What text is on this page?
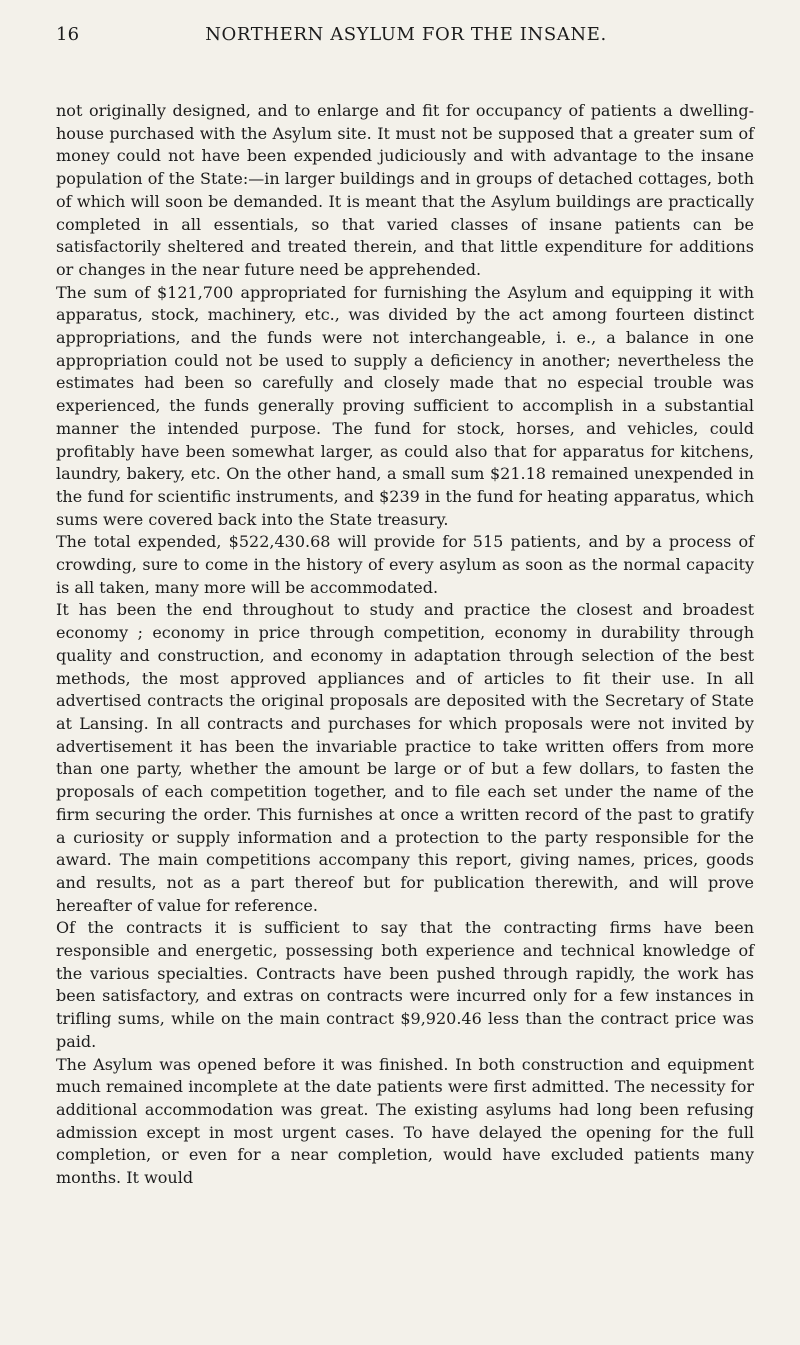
16	NORTHERN ASYLUM FOR THE INSANE.

not originally designed, and to enlarge and fit for occupancy of patients a dwelling-house purchased with the Asylum site. It must not be supposed that a greater sum of money could not have been expended judiciously and with advantage to the insane population of the State:—in larger buildings and in groups of detached cottages, both of which will soon be demanded. It is meant that the Asylum buildings are practically completed in all essentials, so that varied classes of insane patients can be satisfactorily sheltered and treated therein, and that little expenditure for additions or changes in the near future need be apprehended.

The sum of $121,700 appropriated for furnishing the Asylum and equipping it with apparatus, stock, machinery, etc., was divided by the act among fourteen distinct appropriations, and the funds were not interchangeable, i. e., a balance in one appropriation could not be used to supply a deficiency in another; nevertheless the estimates had been so carefully and closely made that no especial trouble was experienced, the funds generally proving sufficient to accomplish in a substantial manner the intended purpose. The fund for stock, horses, and vehicles, could profitably have been somewhat larger, as could also that for apparatus for kitchens, laundry, bakery, etc. On the other hand, a small sum $21.18 remained unexpended in the fund for scientific instruments, and $239 in the fund for heating apparatus, which sums were covered back into the State treasury.

The total expended, $522,430.68 will provide for 515 patients, and by a process of crowding, sure to come in the history of every asylum as soon as the normal capacity is all taken, many more will be accommodated.

It has been the end throughout to study and practice the closest and broadest economy ; economy in price through competition, economy in durability through quality and construction, and economy in adaptation through selection of the best methods, the most approved appliances and of articles to fit their use. In all advertised contracts the original proposals are deposited with the Secretary of State at Lansing. In all contracts and purchases for which proposals were not invited by advertisement it has been the invariable practice to take written offers from more than one party, whether the amount be large or of but a few dollars, to fasten the proposals of each competition together, and to file each set under the name of the firm securing the order. This furnishes at once a written record of the past to gratify a curiosity or supply information and a protection to the party responsible for the award. The main competitions accompany this report, giving names, prices, goods and results, not as a part thereof but for publication therewith, and will prove hereafter of value for reference.

Of the contracts it is sufficient to say that the contracting firms have been responsible and energetic, possessing both experience and technical knowledge of the various specialties. Contracts have been pushed through rapidly, the work has been satisfactory, and extras on contracts were incurred only for a few instances in trifling sums, while on the main contract $9,920.46 less than the contract price was paid.

The Asylum was opened before it was finished. In both construction and equipment much remained incomplete at the date patients were first admitted. The necessity for additional accommodation was great. The existing asylums had long been refusing admission except in most urgent cases. To have delayed the opening for the full completion, or even for a near completion, would have excluded patients many months. It would
